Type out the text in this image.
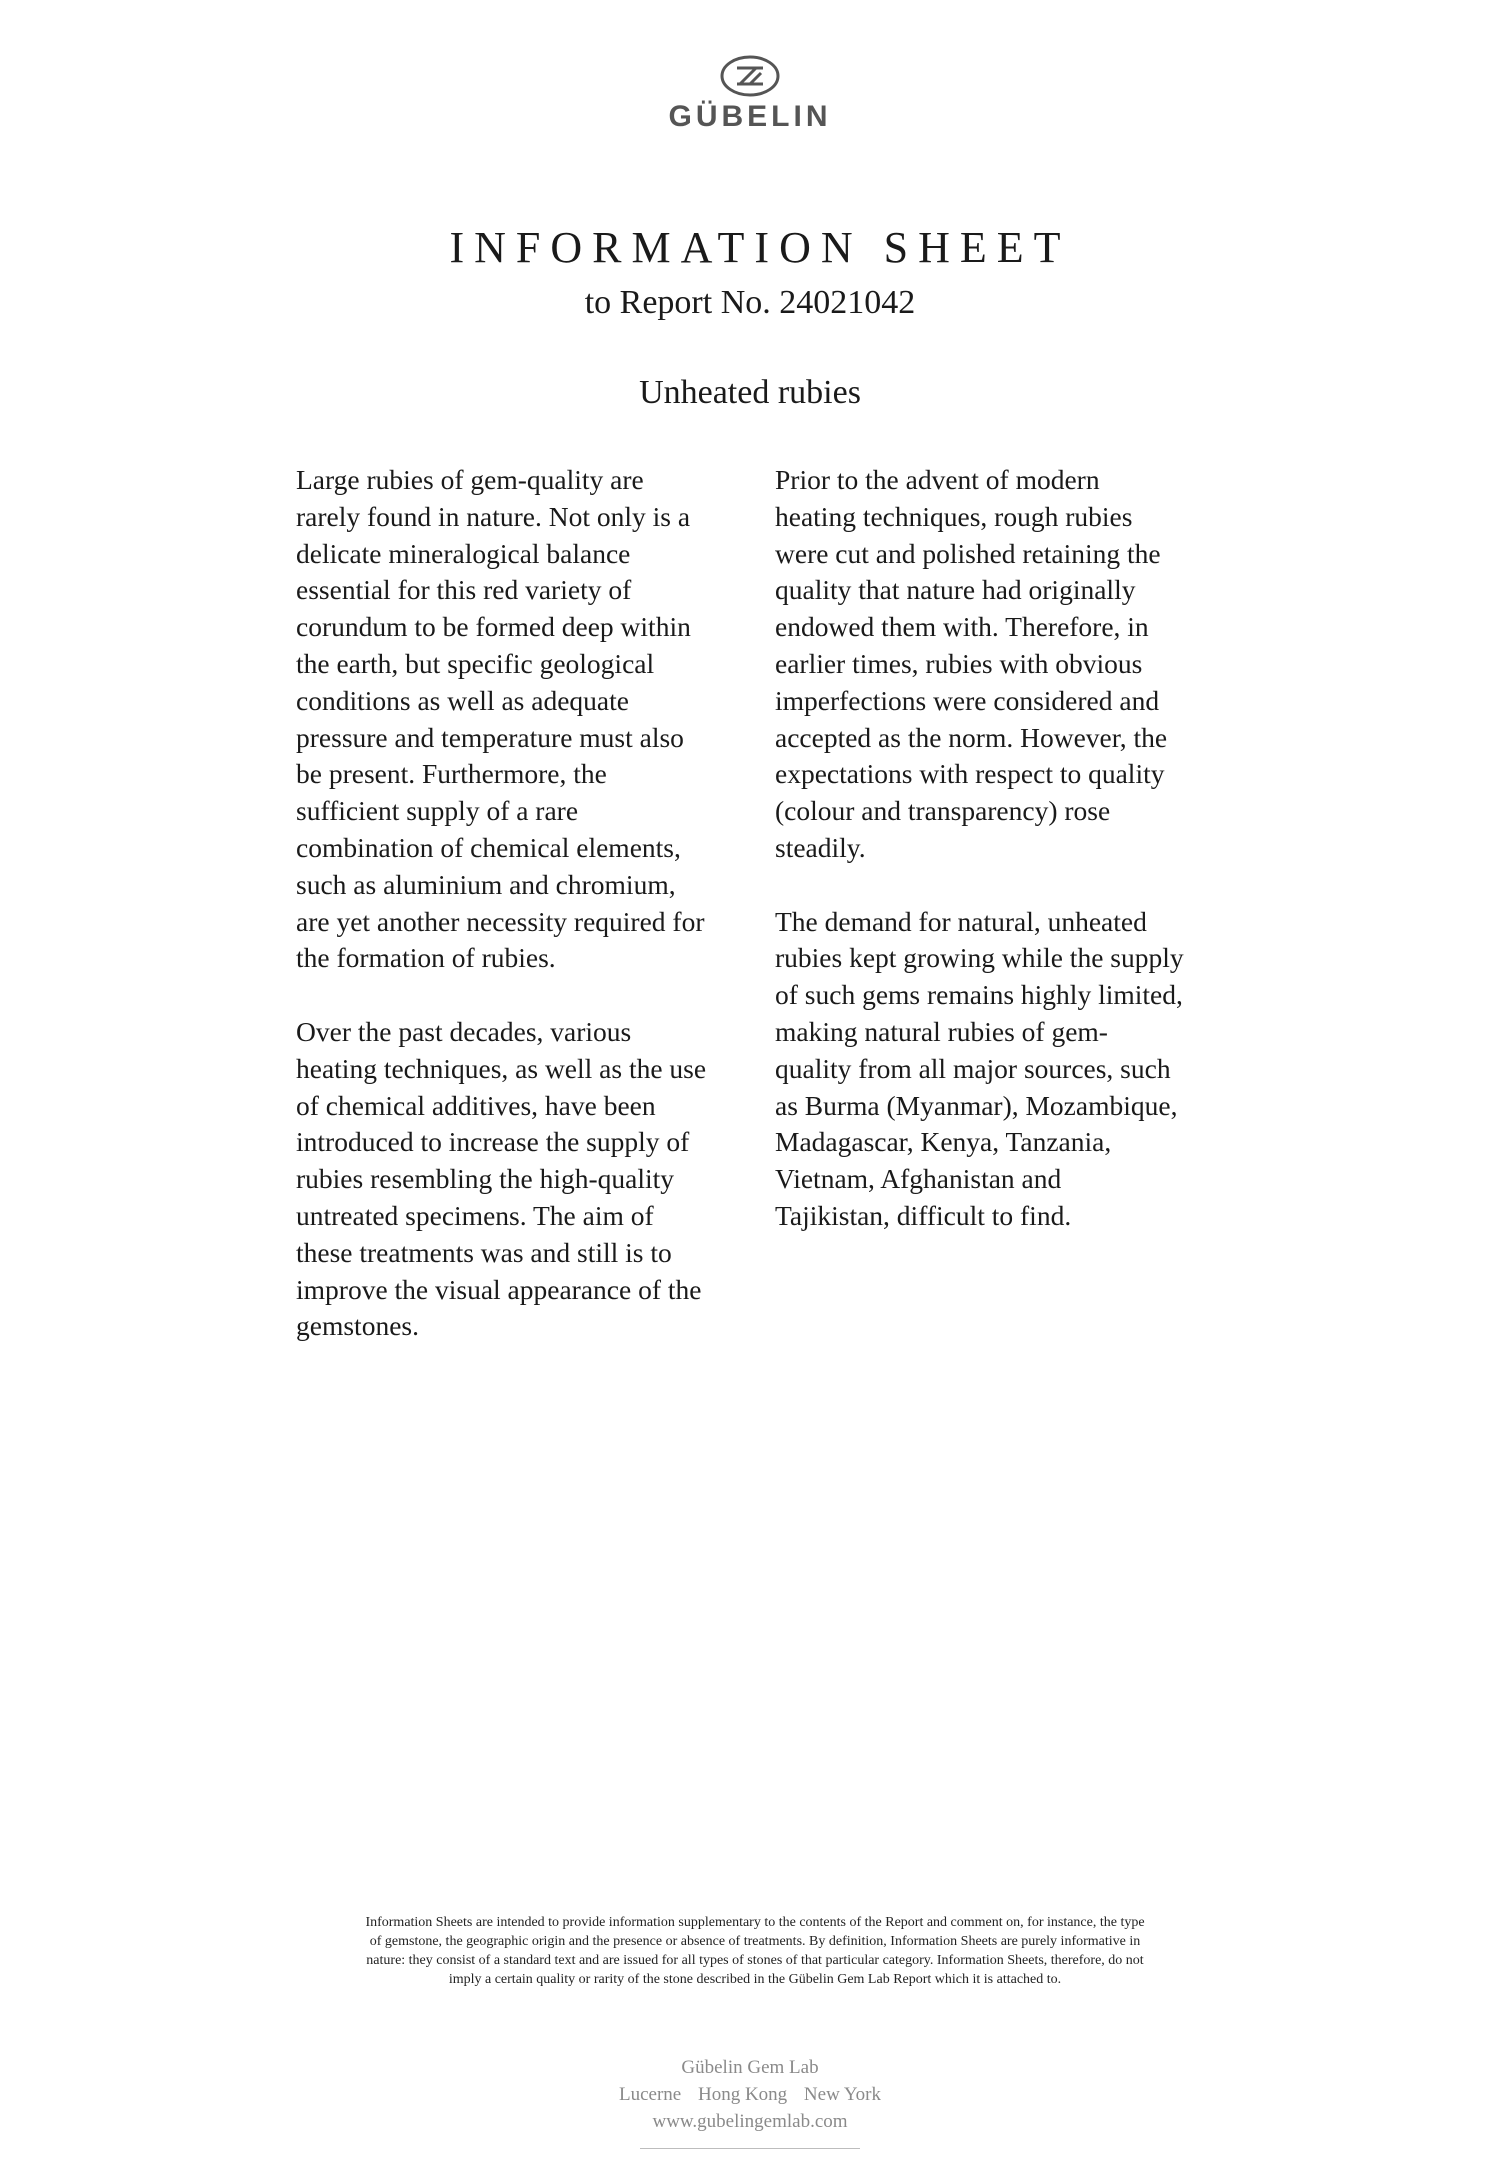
GÜBELIN
INFORMATION SHEET
to Report No. 24021042
Unheated rubies

Large rubies of gem-quality are
rarely found in nature. Not only is a
delicate mineralogical balance
essential for this red variety of
corundum to be formed deep within
the earth, but specific geological
conditions as well as adequate
pressure and temperature must also
be present. Furthermore, the
sufficient supply of a rare
combination of chemical elements,
such as aluminium and chromium,
are yet another necessity required for
the formation of rubies.

Over the past decades, various
heating techniques, as well as the use
of chemical additives, have been
introduced to increase the supply of
rubies resembling the high-quality
untreated specimens. The aim of
these treatments was and still is to
improve the visual appearance of the
gemstones.

Prior to the advent of modern
heating techniques, rough rubies
were cut and polished retaining the
quality that nature had originally
endowed them with. Therefore, in
earlier times, rubies with obvious
imperfections were considered and
accepted as the norm. However, the
expectations with respect to quality
(colour and transparency) rose
steadily.

The demand for natural, unheated
rubies kept growing while the supply
of such gems remains highly limited,
making natural rubies of gem-
quality from all major sources, such
as Burma (Myanmar), Mozambique,
Madagascar, Kenya, Tanzania,
Vietnam, Afghanistan and
Tajikistan, difficult to find.

Information Sheets are intended to provide information supplementary to the contents of the Report and comment on, for instance, the type
of gemstone, the geographic origin and the presence or absence of treatments. By definition, Information Sheets are purely informative in
nature: they consist of a standard text and are issued for all types of stones of that particular category. Information Sheets, therefore, do not
imply a certain quality or rarity of the stone described in the Gübelin Gem Lab Report which it is attached to.
Gübelin Gem Lab
Lucerne Hong Kong New York
www.gubelingemlab.com
